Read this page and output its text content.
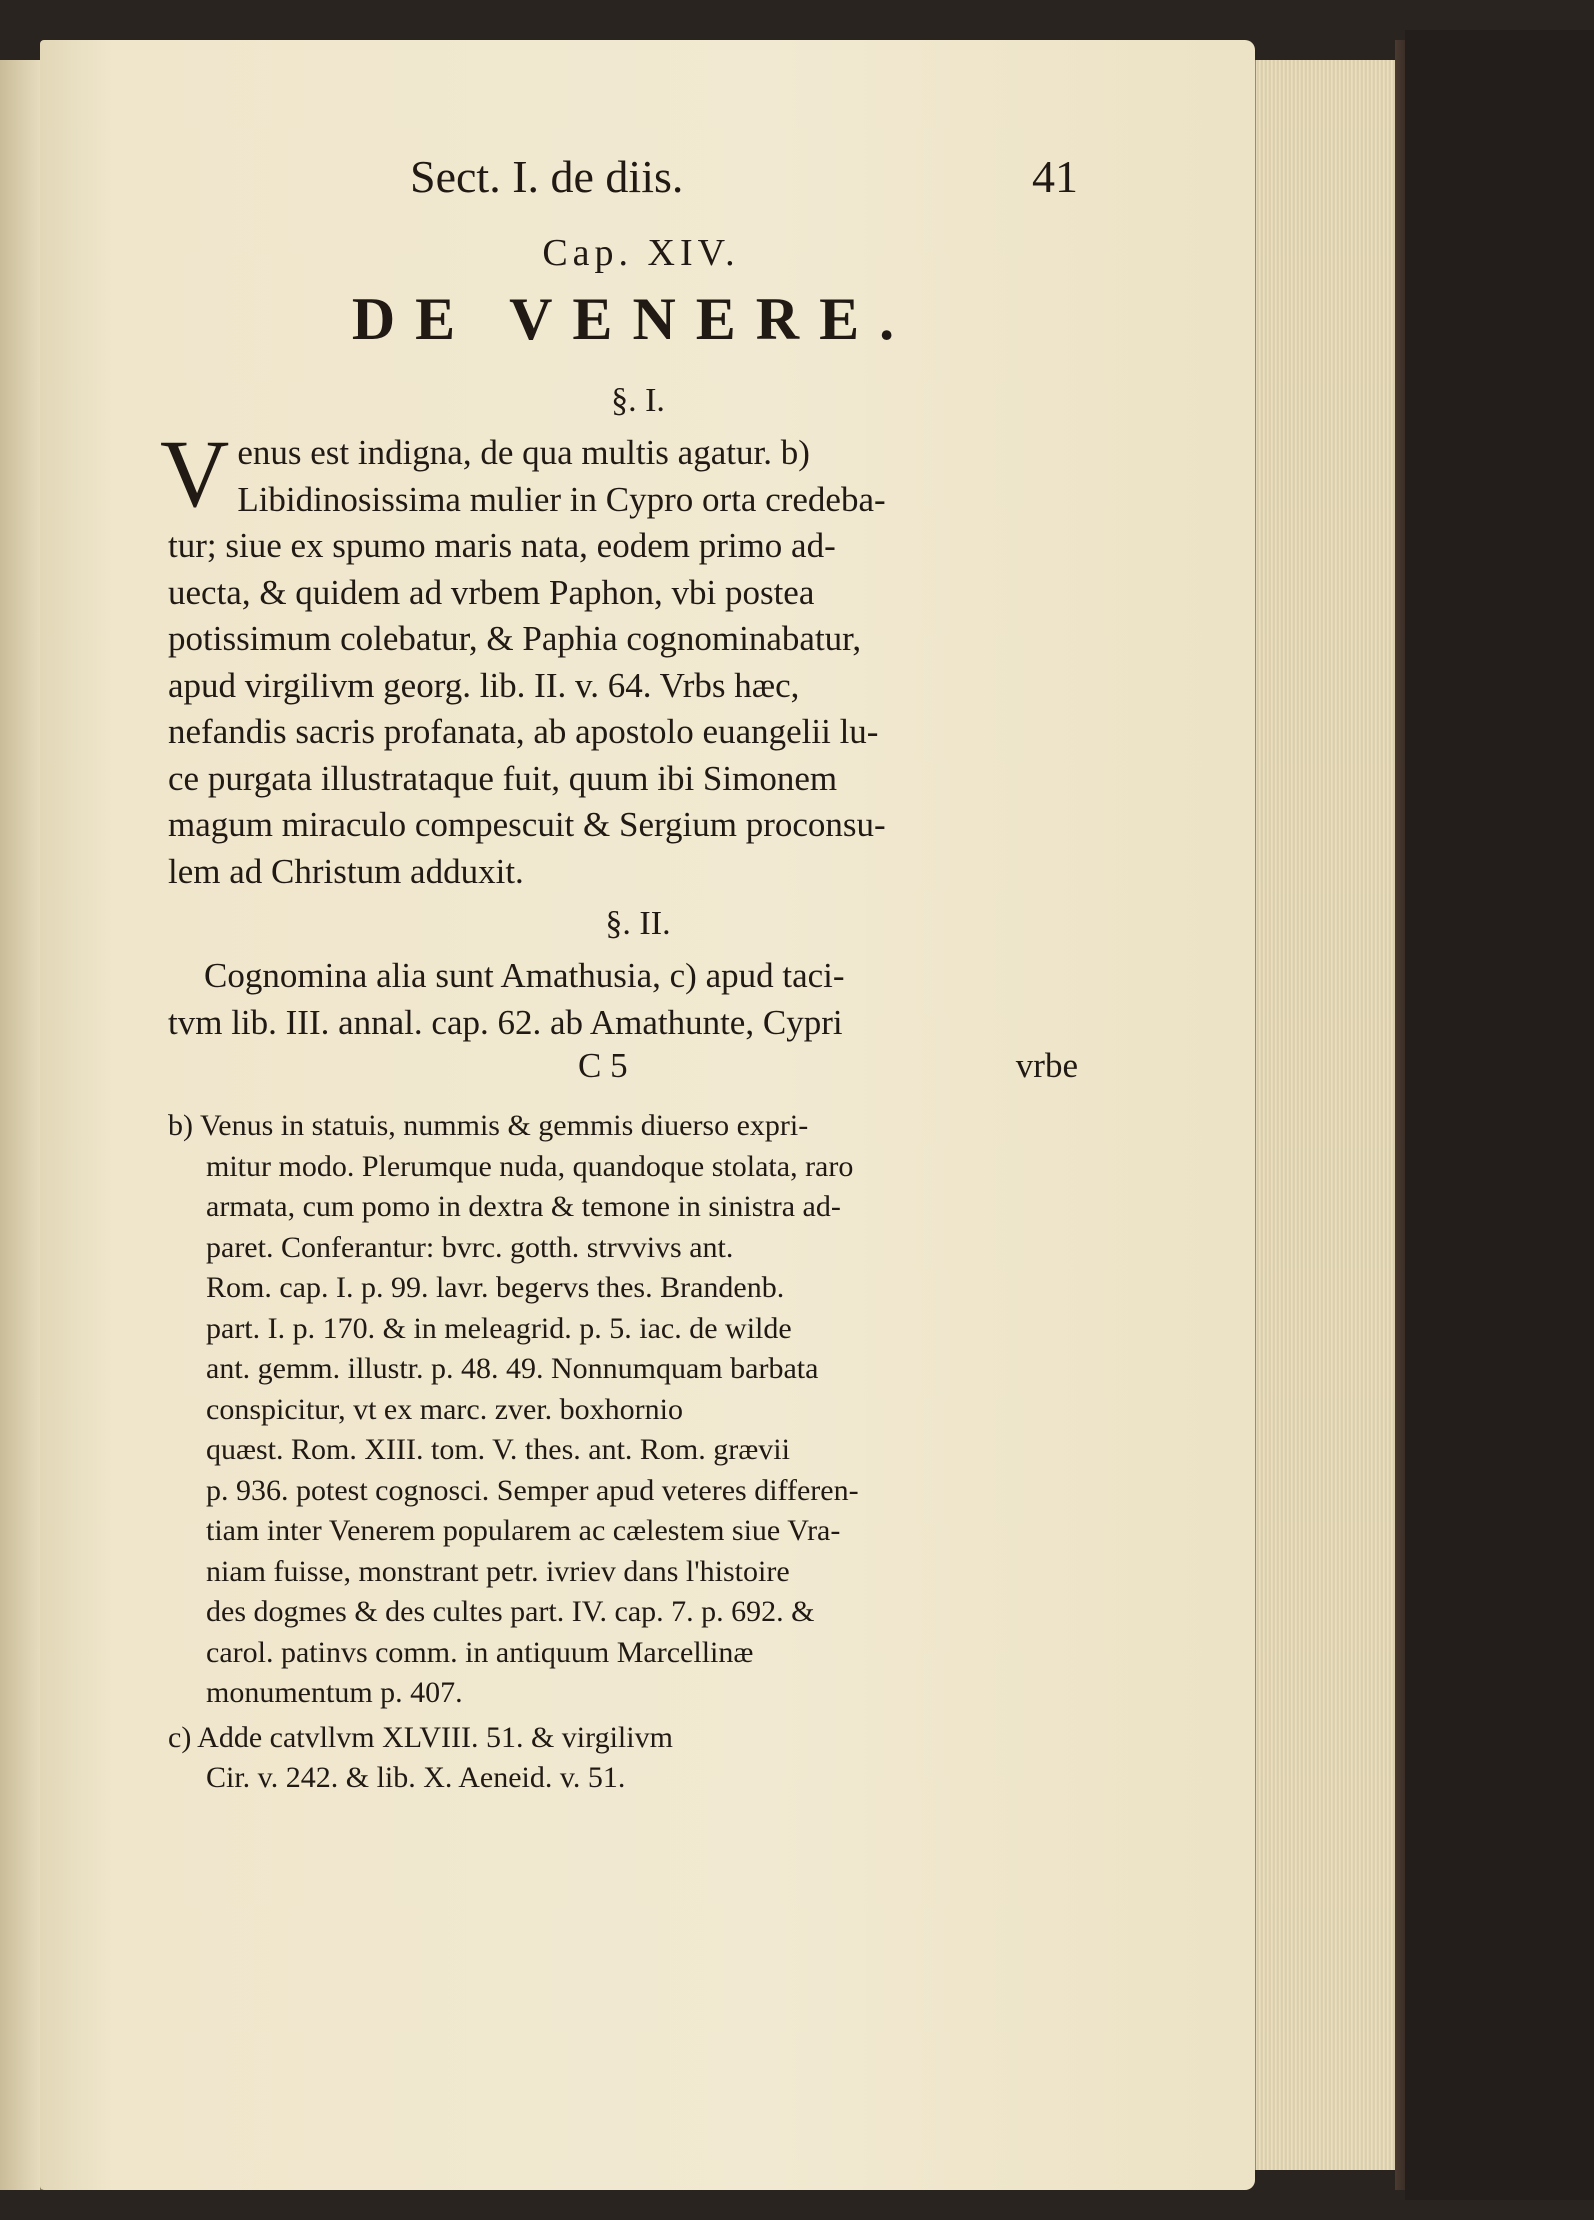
Sect. I. de diis.	41
Cap. XIV.
DE VENERE.
§. I.
V enus est indigna, de qua multis agatur. b)
Libidinosissima mulier in Cypro orta credeba-
tur; siue ex spumo maris nata, eodem primo ad-
uecta, & quidem ad vrbem Paphon, vbi postea
potissimum colebatur, & Paphia cognominabatur,
apud virgilivm georg. lib. II. v. 64. Vrbs hæc,
nefandis sacris profanata, ab apostolo euangelii lu-
ce purgata illustrataque fuit, quum ibi Simonem
magum miraculo compescuit & Sergium proconsu-
lem ad Christum adduxit.
§. II.
Cognomina alia sunt Amathusia, c) apud taci-
tvm lib. III. annal. cap. 62. ab Amathunte, Cypri
C 5	vrbe
b) Venus in statuis, nummis & gemmis diuerso expri-
mitur modo. Plerumque nuda, quandoque stolata, raro
armata, cum pomo in dextra & temone in sinistra ad-
paret. Conferantur: bvrc. gotth. strvvivs ant.
Rom. cap. I. p. 99. lavr. begervs thes. Brandenb.
part. I. p. 170. & in meleagrid. p. 5. iac. de wilde
ant. gemm. illustr. p. 48. 49. Nonnumquam barbata
conspicitur, vt ex marc. zver. boxhornio
quæst. Rom. XIII. tom. V. thes. ant. Rom. grævii
p. 936. potest cognosci. Semper apud veteres differen-
tiam inter Venerem popularem ac cælestem siue Vra-
niam fuisse, monstrant petr. ivriev dans l'histoire
des dogmes & des cultes part. IV. cap. 7. p. 692. &
carol. patinvs comm. in antiquum Marcellinæ
monumentum p. 407.
c) Adde catvllvm XLVIII. 51. & virgilivm
Cir. v. 242. & lib. X. Aeneid. v. 51.
